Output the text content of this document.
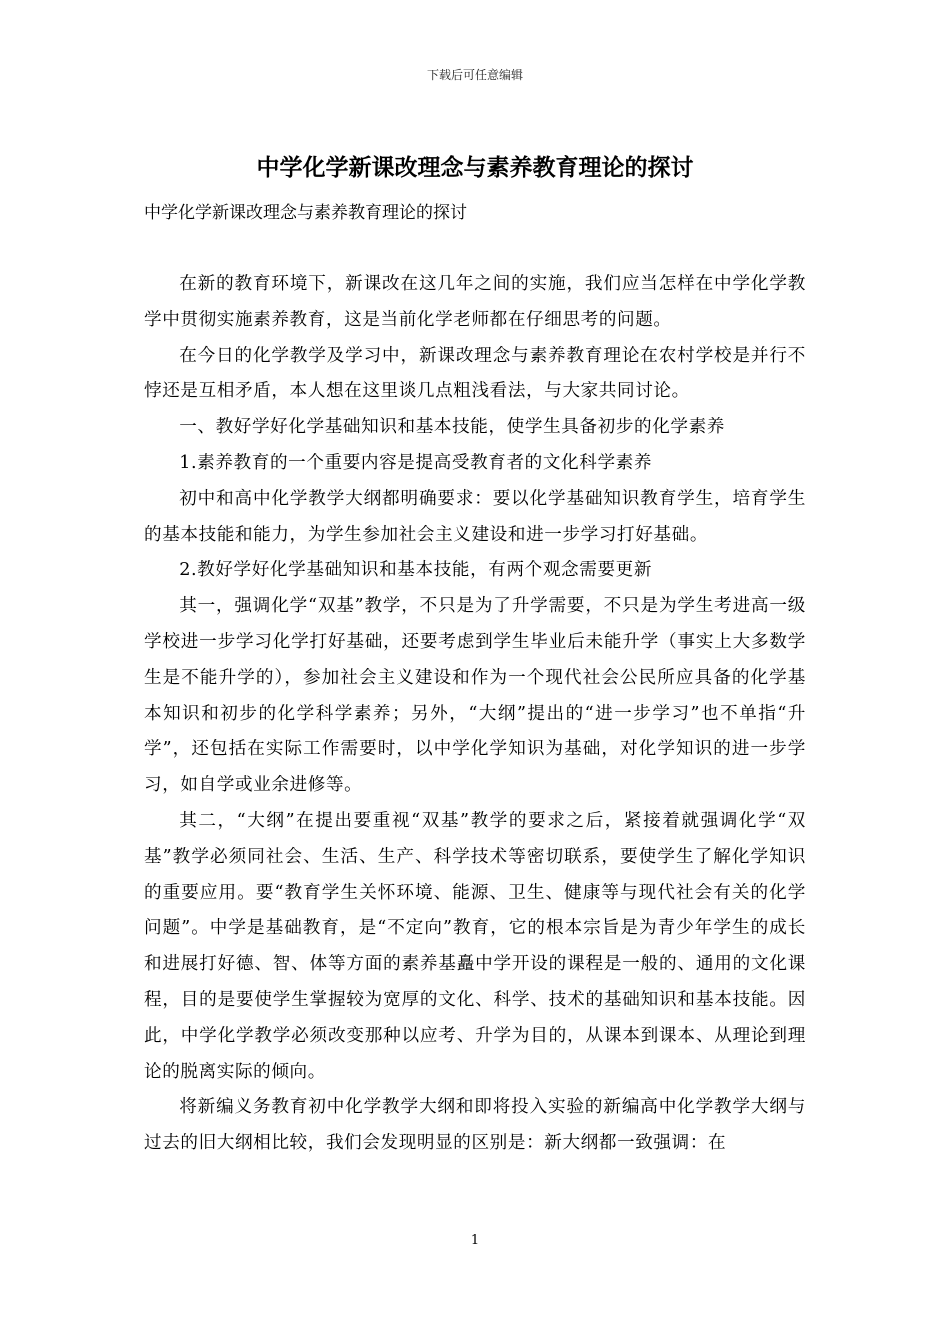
下载后可任意编辑
中学化学新课改理念与素养教育理论的探讨
中学化学新课改理念与素养教育理论的探讨

在新的教育环境下，新课改在这几年之间的实施，我们应当怎样在中学化学教学中贯彻实施素养教育，这是当前化学老师都在仔细思考的问题。

在今日的化学教学及学习中，新课改理念与素养教育理论在农村学校是并行不悖还是互相矛盾，本人想在这里谈几点粗浅看法，与大家共同讨论。

一、教好学好化学基础知识和基本技能，使学生具备初步的化学素养

1.素养教育的一个重要内容是提高受教育者的文化科学素养

初中和高中化学教学大纲都明确要求：要以化学基础知识教育学生，培育学生的基本技能和能力，为学生参加社会主义建设和进一步学习打好基础。

2.教好学好化学基础知识和基本技能，有两个观念需要更新

其一，强调化学“双基”教学，不只是为了升学需要，不只是为学生考进高一级学校进一步学习化学打好基础，还要考虑到学生毕业后未能升学（事实上大多数学生是不能升学的），参加社会主义建设和作为一个现代社会公民所应具备的化学基本知识和初步的化学科学素养；另外，“大纲”提出的“进一步学习”也不单指“升学”，还包括在实际工作需要时，以中学化学知识为基础，对化学知识的进一步学习，如自学或业余进修等。

其二，“大纲”在提出要重视“双基”教学的要求之后，紧接着就强调化学“双基”教学必须同社会、生活、生产、科学技术等密切联系，要使学生了解化学知识的重要应用。要“教育学生关怀环境、能源、卫生、健康等与现代社会有关的化学问题”。中学是基础教育，是“不定向”教育，它的根本宗旨是为青少年学生的成长和进展打好德、智、体等方面的素养基矗中学开设的课程是一般的、通用的文化课程，目的是要使学生掌握较为宽厚的文化、科学、技术的基础知识和基本技能。因此，中学化学教学必须改变那种以应考、升学为目的，从课本到课本、从理论到理论的脱离实际的倾向。

将新编义务教育初中化学教学大纲和即将投入实验的新编高中化学教学大纲与过去的旧大纲相比较，我们会发现明显的区别是：新大纲都一致强调：在

1
